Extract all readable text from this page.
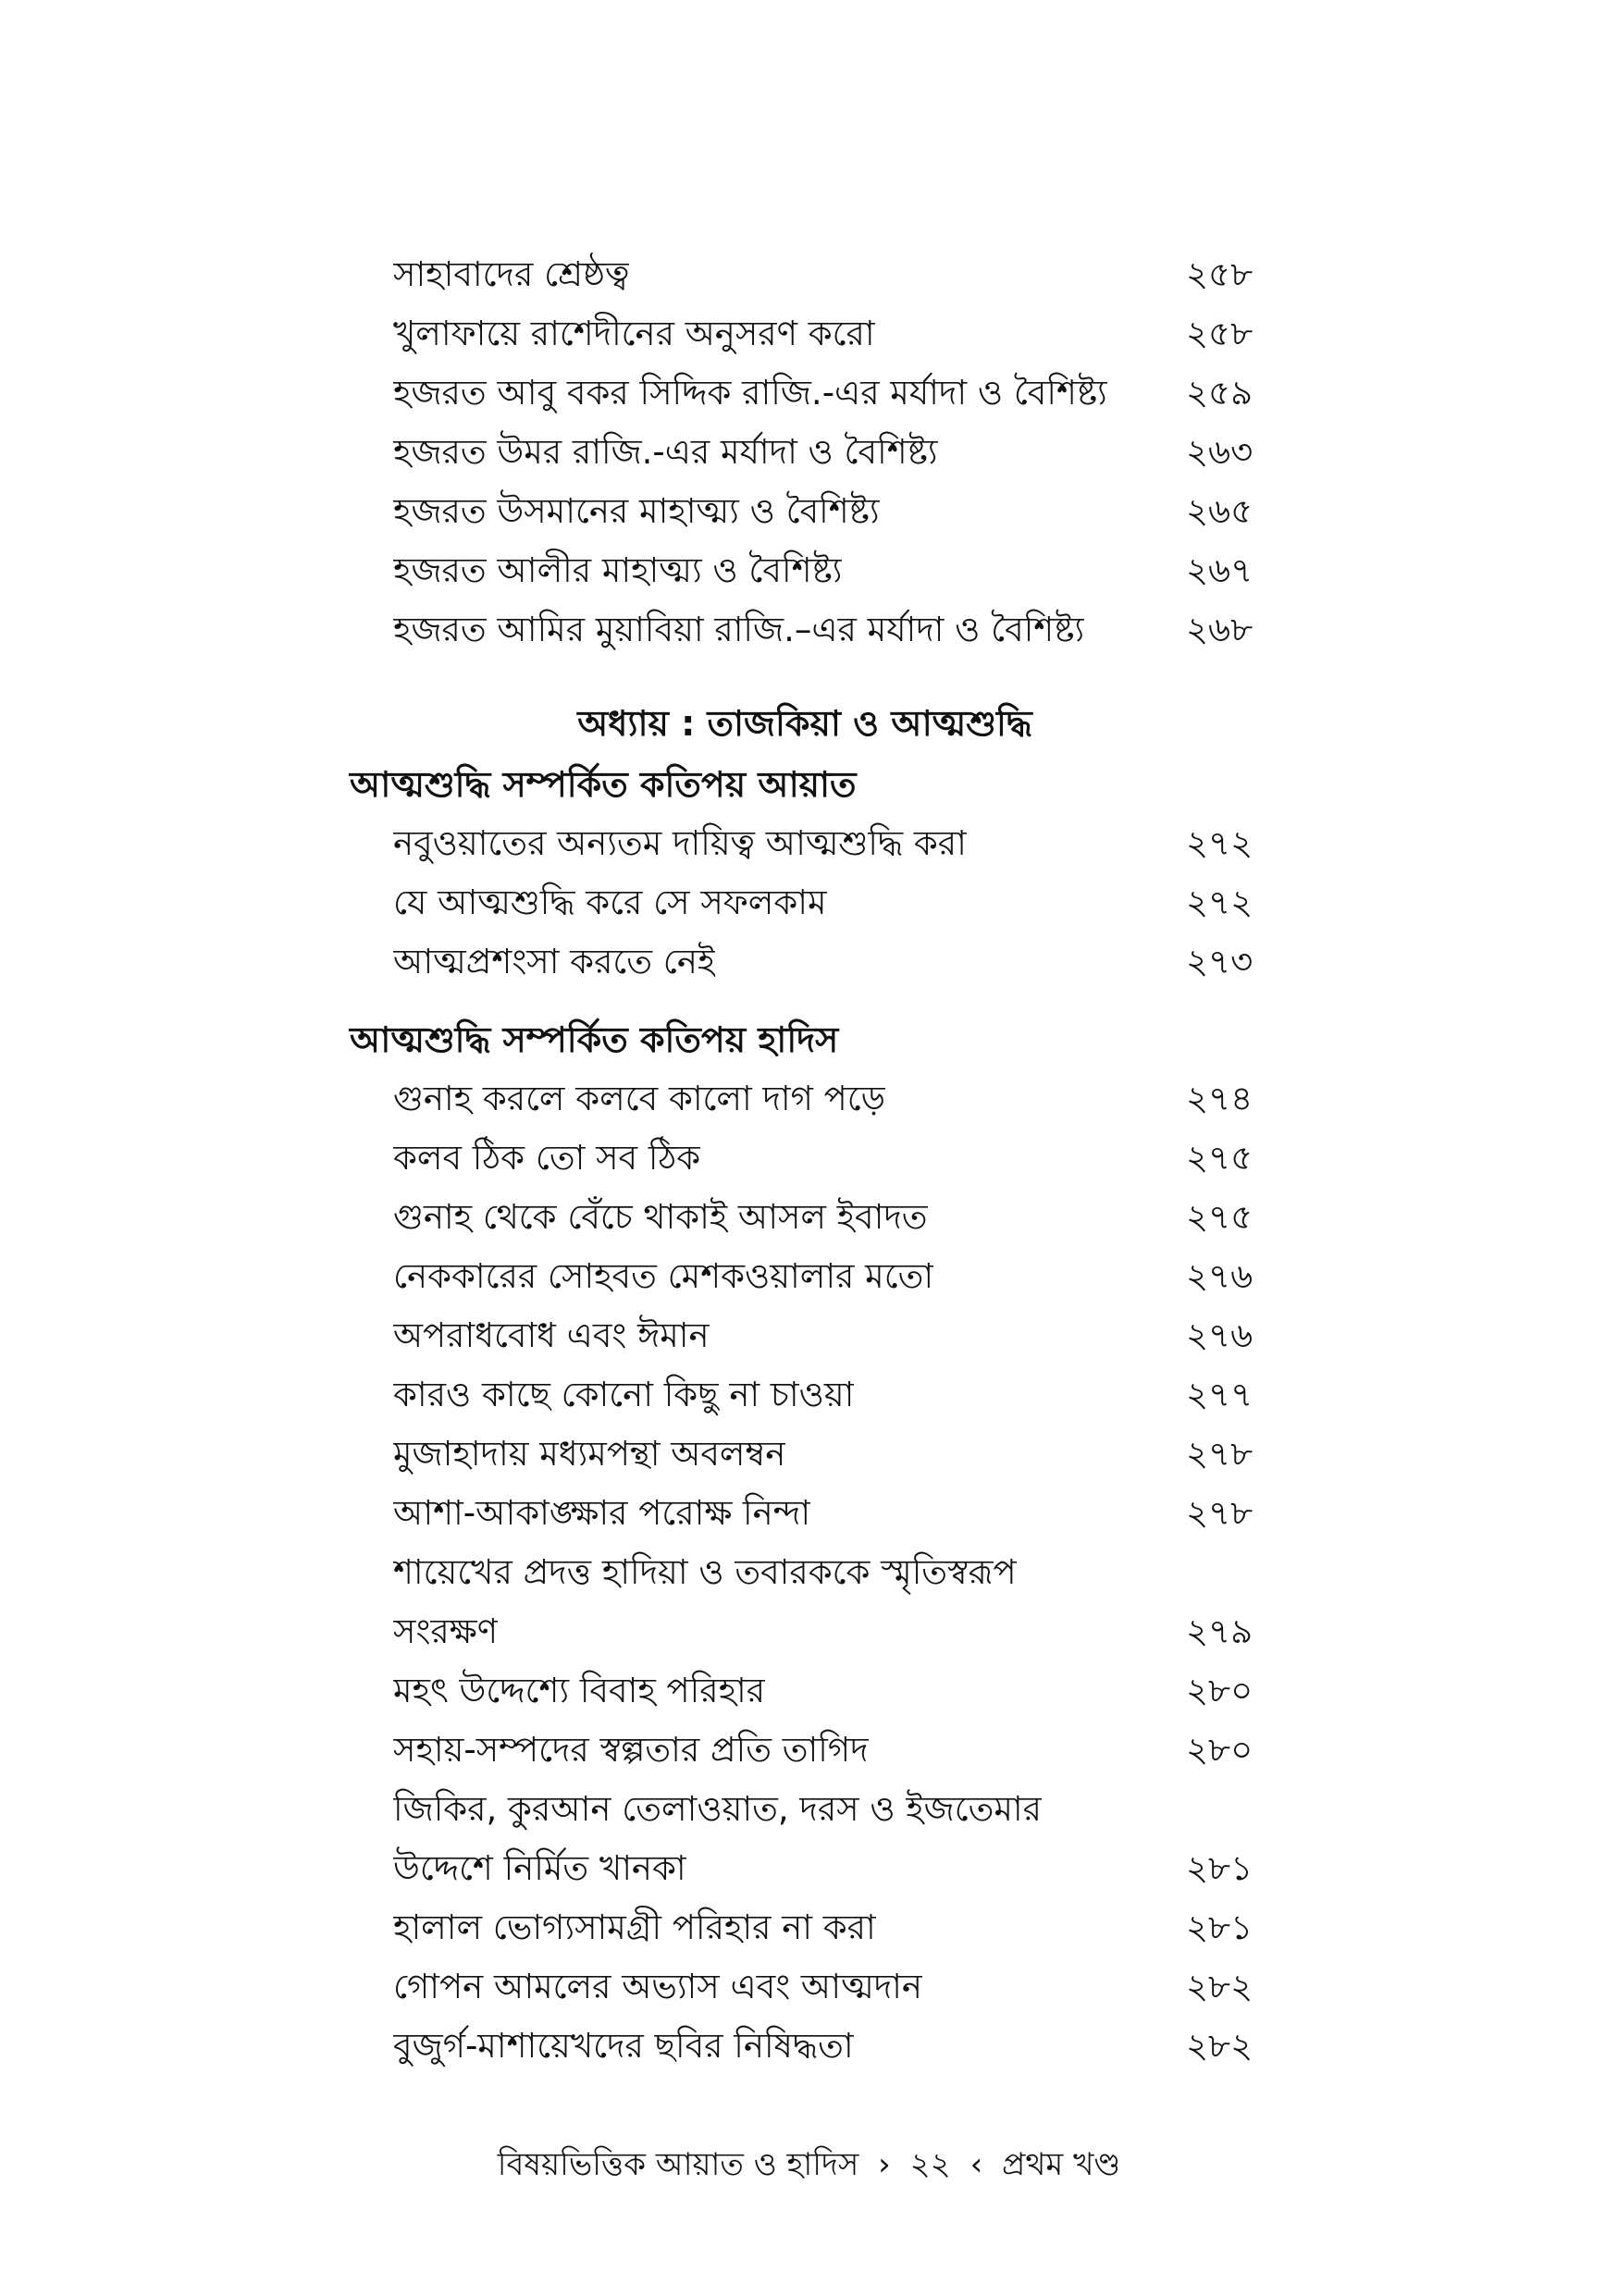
সাহাবাদের শ্রেষ্ঠত্ব	২৫৮
খুলাফায়ে রাশেদীনের অনুসরণ করো	২৫৮
হজরত আবু বকর সিদ্দিক রাজি.-এর মর্যাদা ও বৈশিষ্ট্য ২৫৯
হজরত উমর রাজি.-এর মর্যাদা ও বৈশিষ্ট্য	২৬৩
হজরত উসমানের মাহাত্ম্য ও বৈশিষ্ট্য	২৬৫
হজরত আলীর মাহাত্ম্য ও বৈশিষ্ট্য	২৬৭
হজরত আমির মুয়াবিয়া রাজি.–এর মর্যাদা ও বৈশিষ্ট্য	২৬৮
অধ্যায় : তাজকিয়া ও আত্মশুদ্ধি
আত্মশুদ্ধি সম্পর্কিত কতিপয় আয়াত
নবুওয়াতের অন্যতম দায়িত্ব আত্মশুদ্ধি করা	২৭২
যে আত্মশুদ্ধি করে সে সফলকাম	২৭২
আত্মপ্রশংসা করতে নেই	২৭৩
আত্মশুদ্ধি সম্পর্কিত কতিপয় হাদিস
গুনাহ করলে কলবে কালো দাগ পড়ে	২৭৪
কলব ঠিক তো সব ঠিক	২৭৫
গুনাহ থেকে বেঁচে থাকাই আসল ইবাদত	২৭৫
নেককারের সোহবত মেশকওয়ালার মতো	২৭৬
অপরাধবোধ এবং ঈমান	২৭৬
কারও কাছে কোনো কিছু না চাওয়া	২৭৭
মুজাহাদায় মধ্যমপন্থা অবলম্বন	২৭৮
আশা-আকাঙ্ক্ষার পরোক্ষ নিন্দা	২৭৮
শায়েখের প্রদত্ত হাদিয়া ও তবারককে স্মৃতিস্বরূপ
সংরক্ষণ	২৭৯
মহৎ উদ্দেশ্যে বিবাহ পরিহার	২৮০
সহায়-সম্পদের স্বল্পতার প্রতি তাগিদ	২৮০
জিকির, কুরআন তেলাওয়াত, দরস ও ইজতেমার
উদ্দেশে নির্মিত খানকা	২৮১
হালাল ভোগ্যসামগ্রী পরিহার না করা	২৮১
গোপন আমলের অভ্যাস এবং আত্মদান	২৮২
বুজুর্গ-মাশায়েখদের ছবির নিষিদ্ধতা	২৮২
বিষয়ভিত্তিক আয়াত ও হাদিস › ২২ ‹ প্রথম খণ্ড
